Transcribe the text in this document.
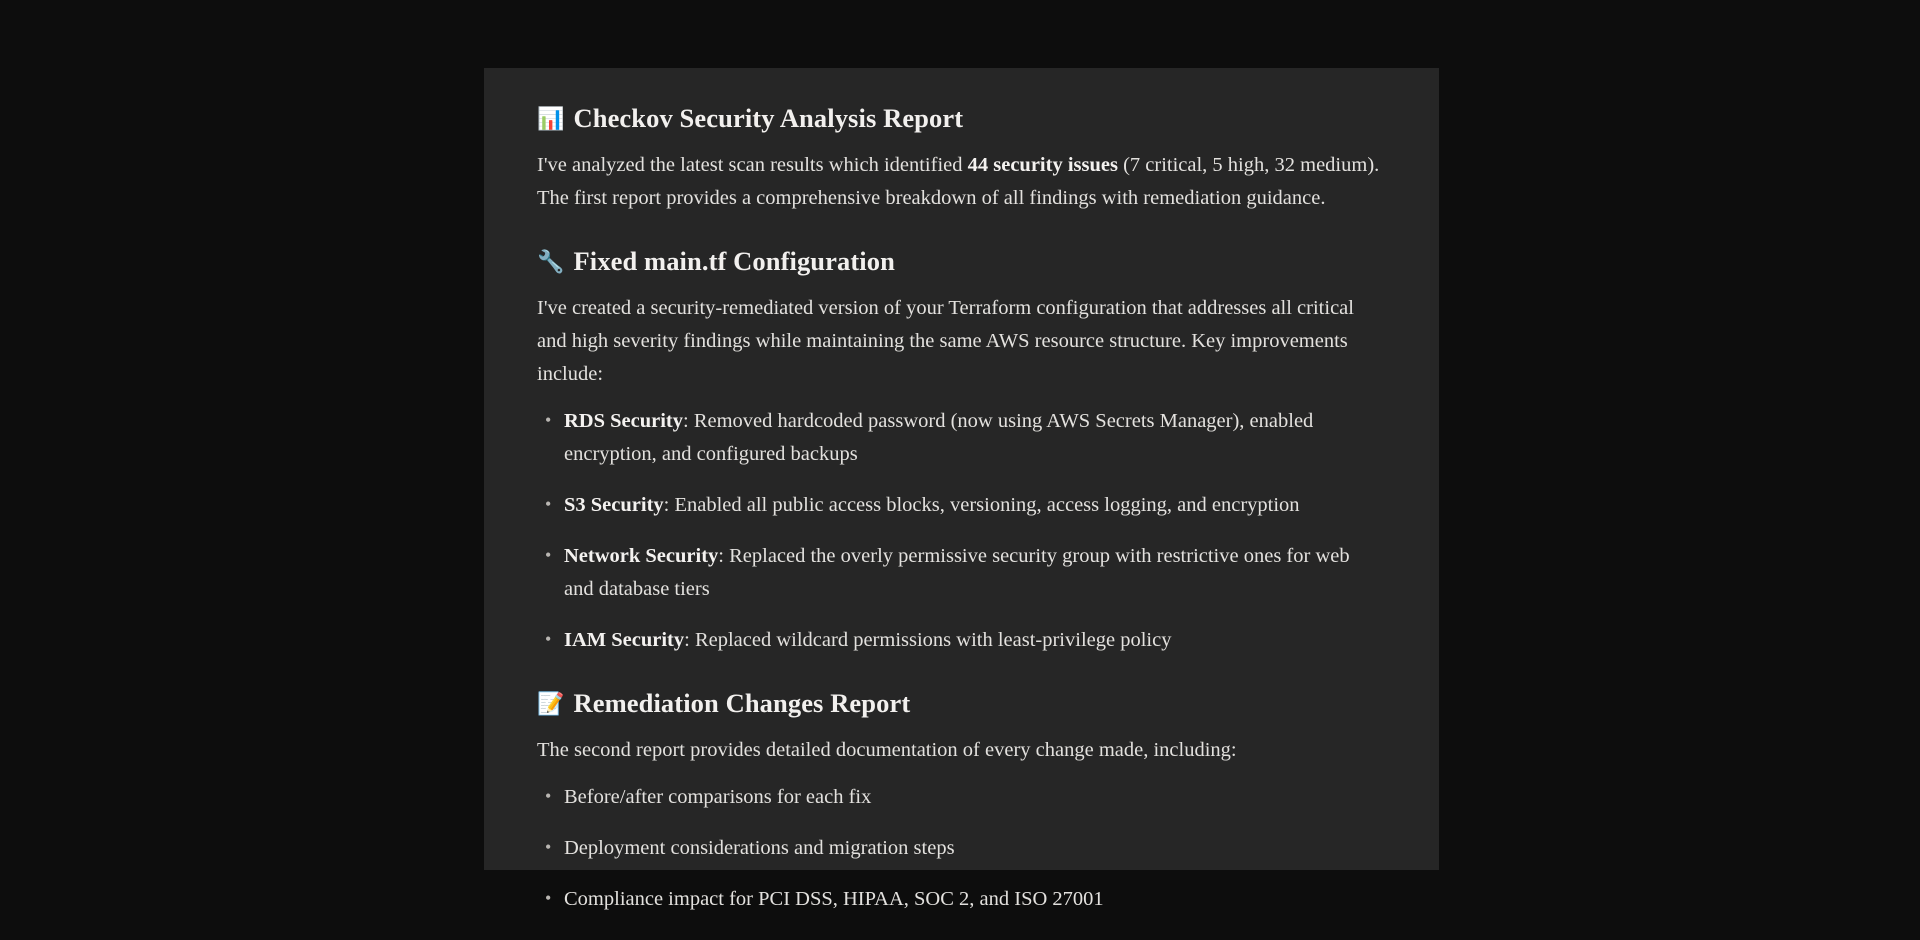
📊 Checkov Security Analysis Report

I've analyzed the latest scan results which identified 44 security issues (7 critical, 5 high, 32 medium). The first report provides a comprehensive breakdown of all findings with remediation guidance.

🔧 Fixed main.tf Configuration

I've created a security-remediated version of your Terraform configuration that addresses all critical and high severity findings while maintaining the same AWS resource structure. Key improvements include:

• RDS Security: Removed hardcoded password (now using AWS Secrets Manager), enabled encryption, and configured backups
• S3 Security: Enabled all public access blocks, versioning, access logging, and encryption
• Network Security: Replaced the overly permissive security group with restrictive ones for web and database tiers
• IAM Security: Replaced wildcard permissions with least-privilege policy
📝 Remediation Changes Report

The second report provides detailed documentation of every change made, including:

• Before/after comparisons for each fix
• Deployment considerations and migration steps
• Compliance impact for PCI DSS, HIPAA, SOC 2, and ISO 27001
